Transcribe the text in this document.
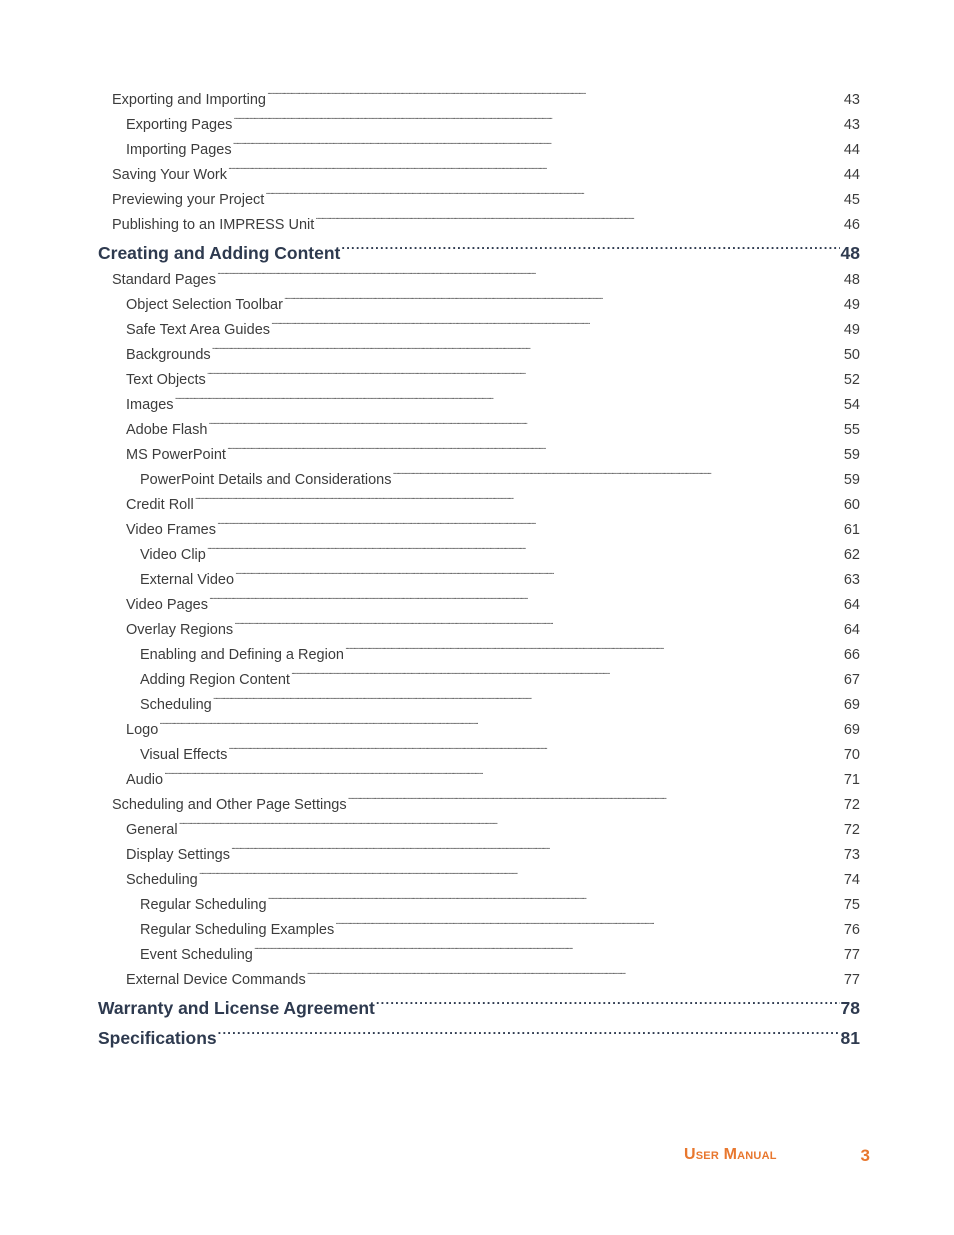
Exporting and Importing . . .	43
Exporting Pages . . .	43
Importing Pages . . .	44
Saving Your Work . . .	44
Previewing your Project . . .	45
Publishing to an IMPRESS Unit . . .	46
Creating and Adding Content . . .	48
Standard Pages . . .	48
Object Selection Toolbar . . .	49
Safe Text Area Guides . . .	49
Backgrounds . . .	50
Text Objects . . .	52
Images . . .	54
Adobe Flash . . .	55
MS PowerPoint . . .	59
PowerPoint Details and Considerations . . .	59
Credit Roll . . .	60
Video Frames . . .	61
Video Clip . . .	62
External Video . . .	63
Video Pages . . .	64
Overlay Regions . . .	64
Enabling and Defining a Region . . .	66
Adding Region Content . . .	67
Scheduling . . .	69
Logo . . .	69
Visual Effects . . .	70
Audio . . .	71
Scheduling and Other Page Settings . . .	72
General . . .	72
Display Settings . . .	73
Scheduling . . .	74
Regular Scheduling . . .	75
Regular Scheduling Examples . . .	76
Event Scheduling . . .	77
External Device Commands . . .	77
Warranty and License Agreement . . .	78
Specifications . . .	81
User Manual	3
